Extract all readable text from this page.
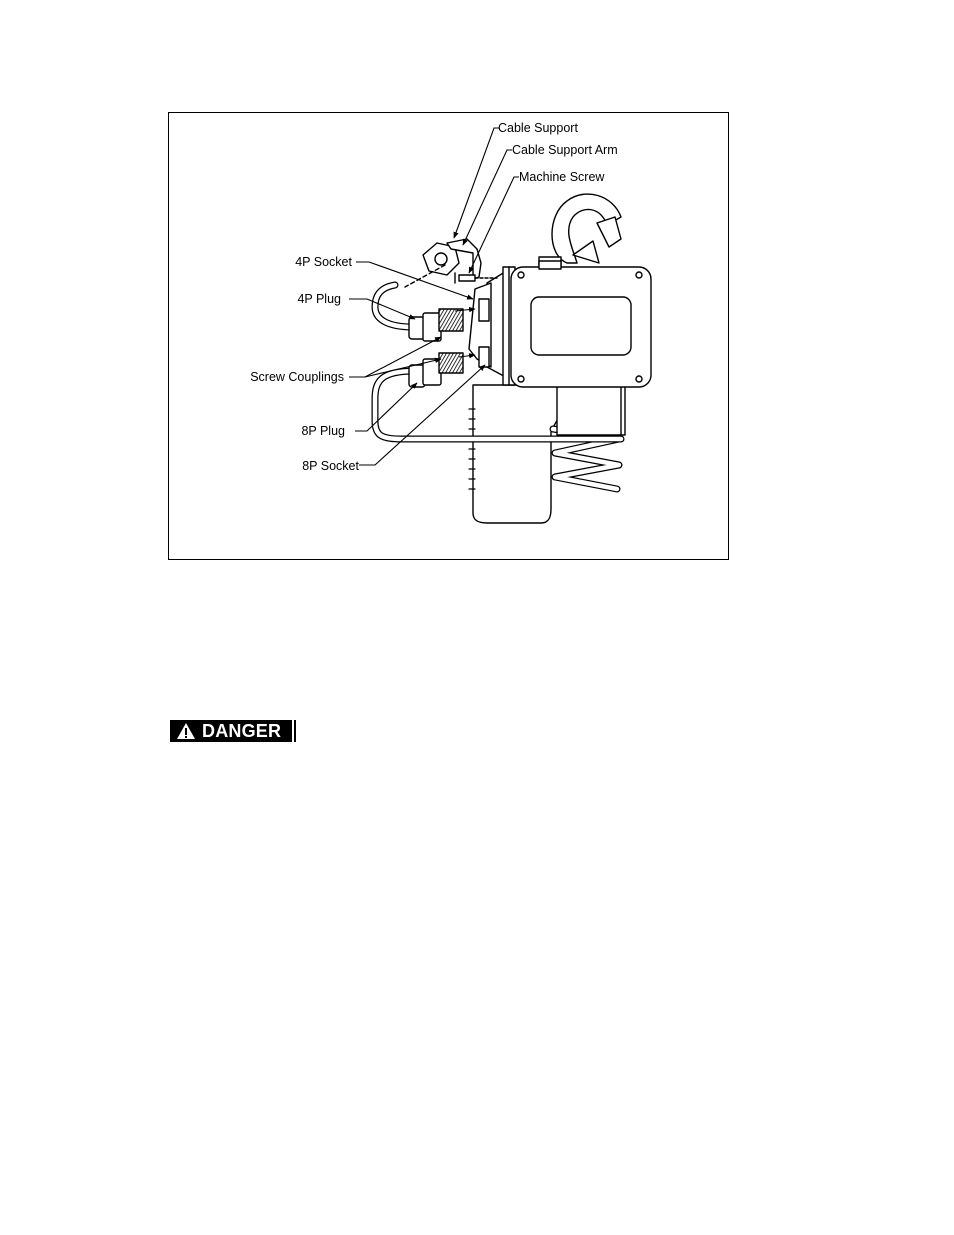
Cable Support
Cable Support Arm
Machine Screw
4P Socket
4P Plug
Screw Couplings
8P Plug
8P Socket
DANGER
